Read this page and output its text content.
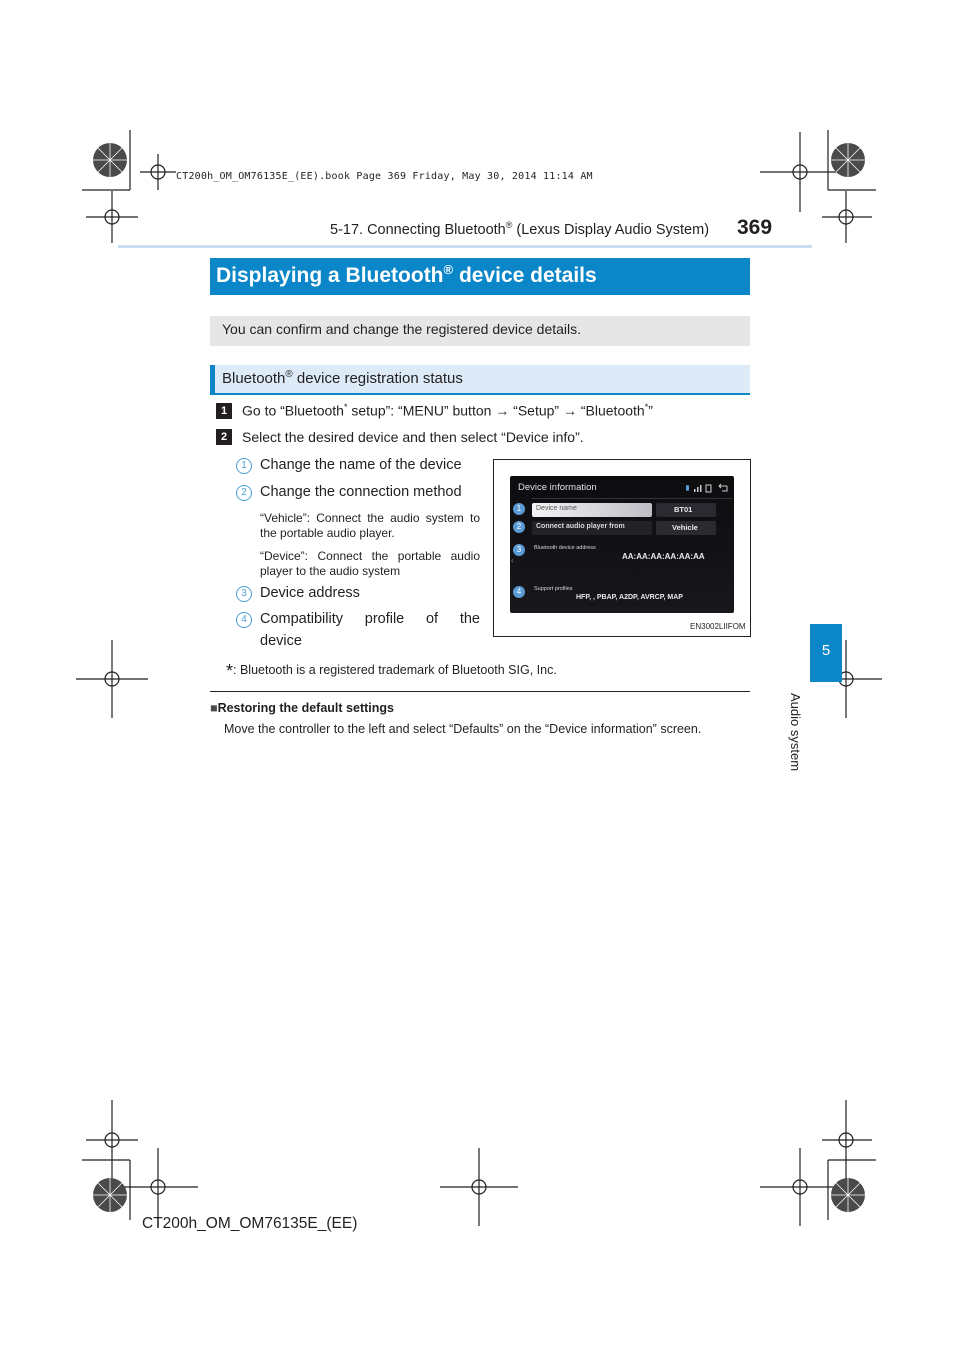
CT200h_OM_OM76135E_(EE).book Page 369 Friday, May 30, 2014 11:14 AM
5-17. Connecting Bluetooth® (Lexus Display Audio System) 369
5
Audio system
Displaying a Bluetooth® device details
You can confirm and change the registered device details.
Bluetooth® device registration status
1	Go to “Bluetooth* setup”: “MENU” button → “Setup” → “Bluetooth*”
2	Select the desired device and then select “Device info”.
1 Change the name of the device
2 Change the connection method
“Vehicle”: Connect the audio system to the portable audio player.
“Device”: Connect the portable audio player to the audio system
3 Device address
4 Compatibility profile of the
device
Device information
1	Device name	BT01
2	Connect audio player from	Vehicle
3	Bluetooth device address
AA:AA:AA:AA:AA:AA
4	Support profiles
HFP, , PBAP, A2DP, AVRCP, MAP
‹
EN3002LIIFOM
*: Bluetooth is a registered trademark of Bluetooth SIG, Inc.
■Restoring the default settings
Move the controller to the left and select “Defaults” on the “Device information” screen.
CT200h_OM_OM76135E_(EE)
